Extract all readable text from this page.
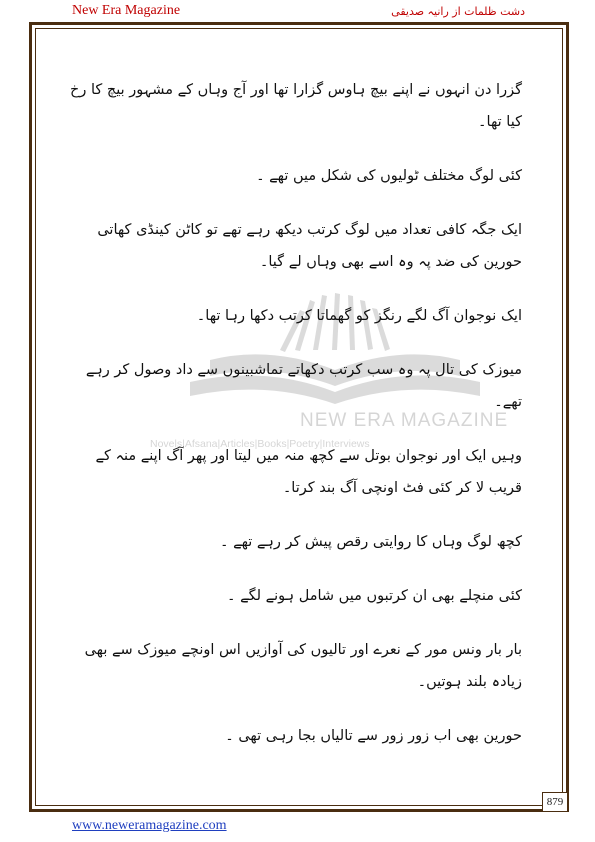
New Era Magazine	دشت ظلمات از رانیہ صدیقی
NEW ERA MAGAZINE
Novels|Afsana|Articles|Books|Poetry|Interviews

گزرا دن انہوں نے اپنے بیچ ہاوس گزارا تھا اور آج وہاں کے مشہور بیچ کا رخ کیا تھا۔

کئی لوگ مختلف ٹولیوں کی شکل میں تھے ۔

ایک جگہ کافی تعداد میں لوگ کرتب دیکھ رہے تھے تو کاٹن کینڈی کھاتی حورین کی ضد پہ وہ اسے بھی وہاں لے گیا۔

ایک نوجوان آگ لگے رنگز کو گھماتا کرتب دکھا رہا تھا۔

میوزک کی تال پہ وہ سب کرتب دکھاتے تماشبینوں سے داد وصول کر رہے تھے۔

وہیں ایک اور نوجوان بوتل سے کچھ منہ میں لیتا اور پھر آگ اپنے منہ کے قریب لا کر کئی فٹ اونچی آگ بند کرتا۔

کچھ لوگ وہاں کا روایتی رقص پیش کر رہے تھے ۔

کئی منچلے بھی ان کرتبوں میں شامل ہونے لگے ۔

بار بار ونس مور کے نعرے اور تالیوں کی آوازیں اس اونچے میوزک سے بھی زیادہ بلند ہوتیں۔

حورین بھی اب زور زور سے تالیاں بجا رہی تھی ۔

879
www.neweramagazine.com
